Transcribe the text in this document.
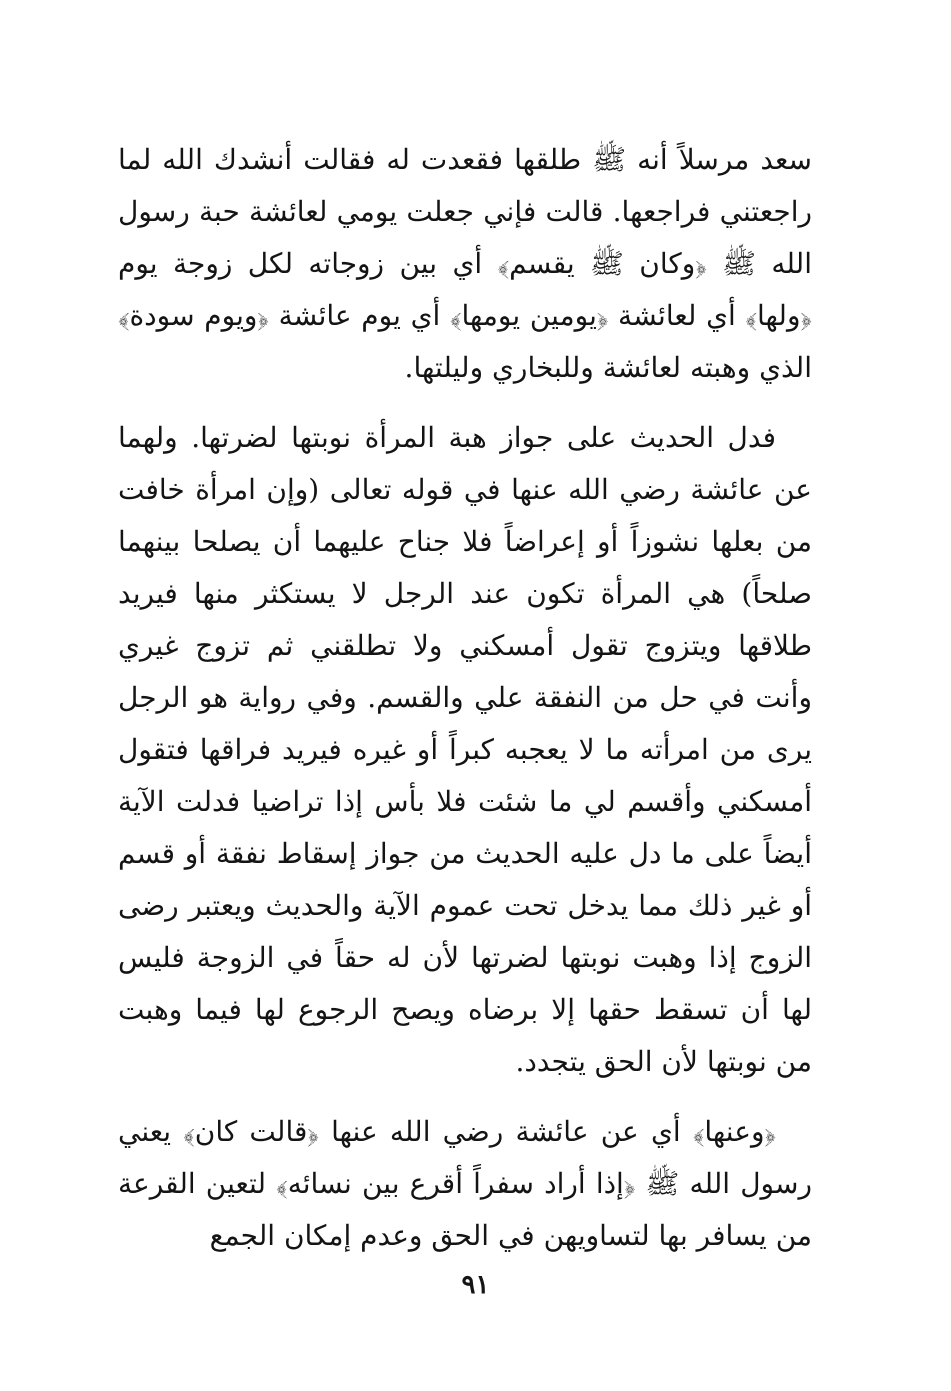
سعد مرسلاً أنه ﷺ طلقها فقعدت له فقالت أنشدك الله لما راجعتني فراجعها. قالت فإني جعلت يومي لعائشة حبة رسول الله ﷺ ﴿وكان ﷺ يقسم﴾ أي بين زوجاته لكل زوجة يوم ﴿ولها﴾ أي لعائشة ﴿يومين يومها﴾ أي يوم عائشة ﴿ويوم سودة﴾ الذي وهبته لعائشة وللبخاري وليلتها.

فدل الحديث على جواز هبة المرأة نوبتها لضرتها. ولهما عن عائشة رضي الله عنها في قوله تعالى (وإن امرأة خافت من بعلها نشوزاً أو إعراضاً فلا جناح عليهما أن يصلحا بينهما صلحاً) هي المرأة تكون عند الرجل لا يستكثر منها فيريد طلاقها ويتزوج تقول أمسكني ولا تطلقني ثم تزوج غيري وأنت في حل من النفقة علي والقسم. وفي رواية هو الرجل يرى من امرأته ما لا يعجبه كبراً أو غيره فيريد فراقها فتقول أمسكني وأقسم لي ما شئت فلا بأس إذا تراضيا فدلت الآية أيضاً على ما دل عليه الحديث من جواز إسقاط نفقة أو قسم أو غير ذلك مما يدخل تحت عموم الآية والحديث ويعتبر رضى الزوج إذا وهبت نوبتها لضرتها لأن له حقاً في الزوجة فليس لها أن تسقط حقها إلا برضاه ويصح الرجوع لها فيما وهبت من نوبتها لأن الحق يتجدد.

﴿وعنها﴾ أي عن عائشة رضي الله عنها ﴿قالت كان﴾ يعني رسول الله ﷺ ﴿إذا أراد سفراً أقرع بين نسائه﴾ لتعين القرعة من يسافر بها لتساويهن في الحق وعدم إمكان الجمع

٩١
